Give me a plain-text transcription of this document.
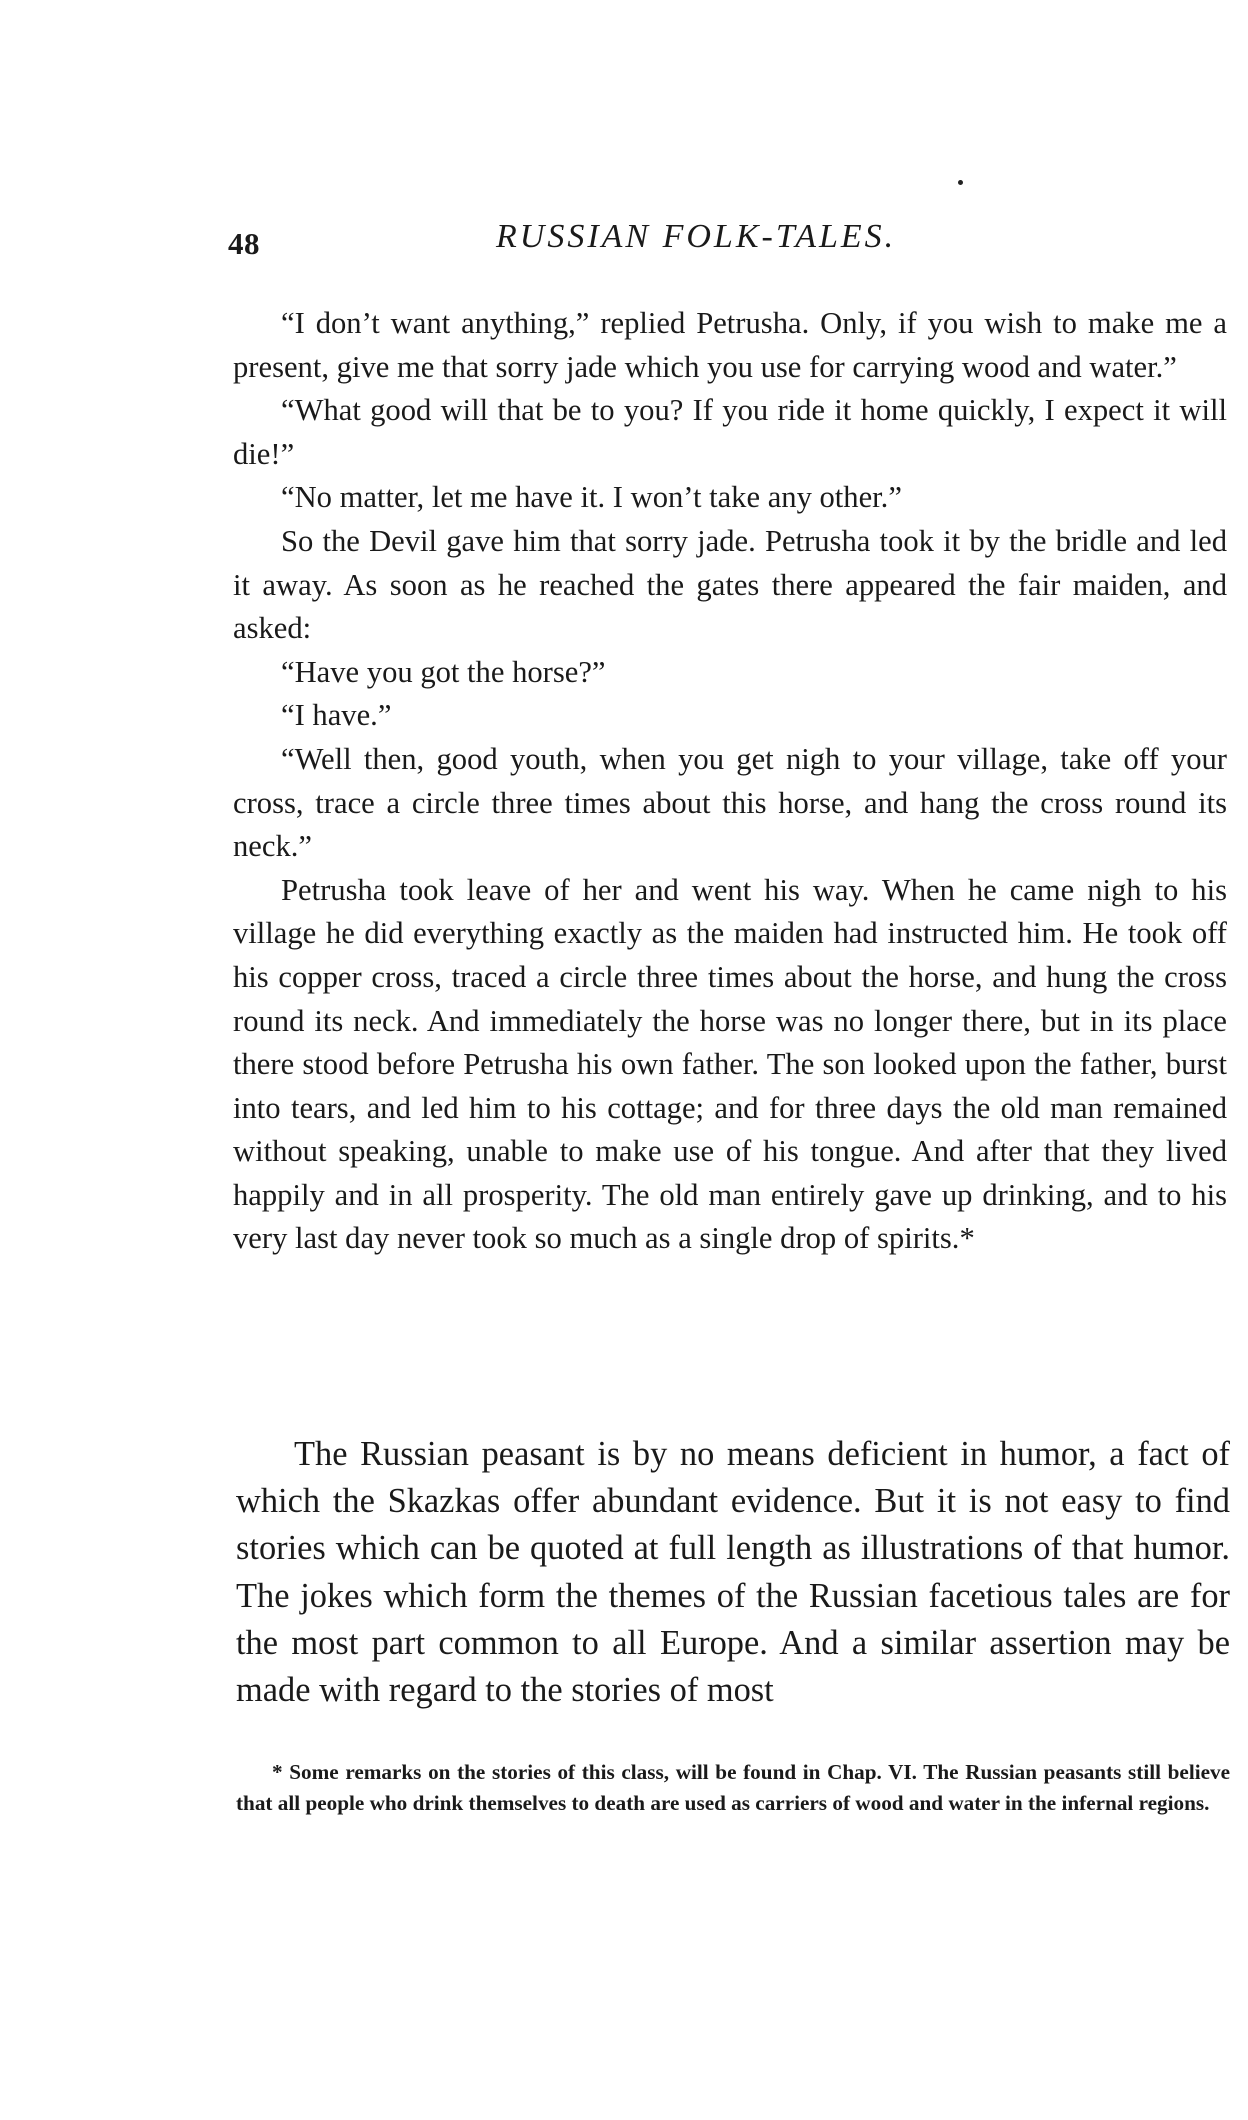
48	RUSSIAN FOLK-TALES.

“I don’t want anything,” replied Petrusha. Only, if you wish to make me a present, give me that sorry jade which you use for carrying wood and water.”

“What good will that be to you? If you ride it home quickly, I expect it will die!”

“No matter, let me have it. I won’t take any other.”

So the Devil gave him that sorry jade. Petrusha took it by the bridle and led it away. As soon as he reached the gates there appeared the fair maiden, and asked:

“Have you got the horse?”

“I have.”

“Well then, good youth, when you get nigh to your village, take off your cross, trace a circle three times about this horse, and hang the cross round its neck.”

Petrusha took leave of her and went his way. When he came nigh to his village he did everything exactly as the maiden had instructed him. He took off his copper cross, traced a circle three times about the horse, and hung the cross round its neck. And immediately the horse was no longer there, but in its place there stood before Petrusha his own father. The son looked upon the father, burst into tears, and led him to his cottage; and for three days the old man remained without speaking, unable to make use of his tongue. And after that they lived happily and in all prosperity. The old man entirely gave up drinking, and to his very last day never took so much as a single drop of spirits.*

The Russian peasant is by no means deficient in humor, a fact of which the Skazkas offer abundant evidence. But it is not easy to find stories which can be quoted at full length as illustrations of that humor. The jokes which form the themes of the Russian facetious tales are for the most part common to all Europe. And a similar assertion may be made with regard to the stories of most

* Some remarks on the stories of this class, will be found in Chap. VI. The Russian peasants still believe that all people who drink themselves to death are used as carriers of wood and water in the infernal regions.
